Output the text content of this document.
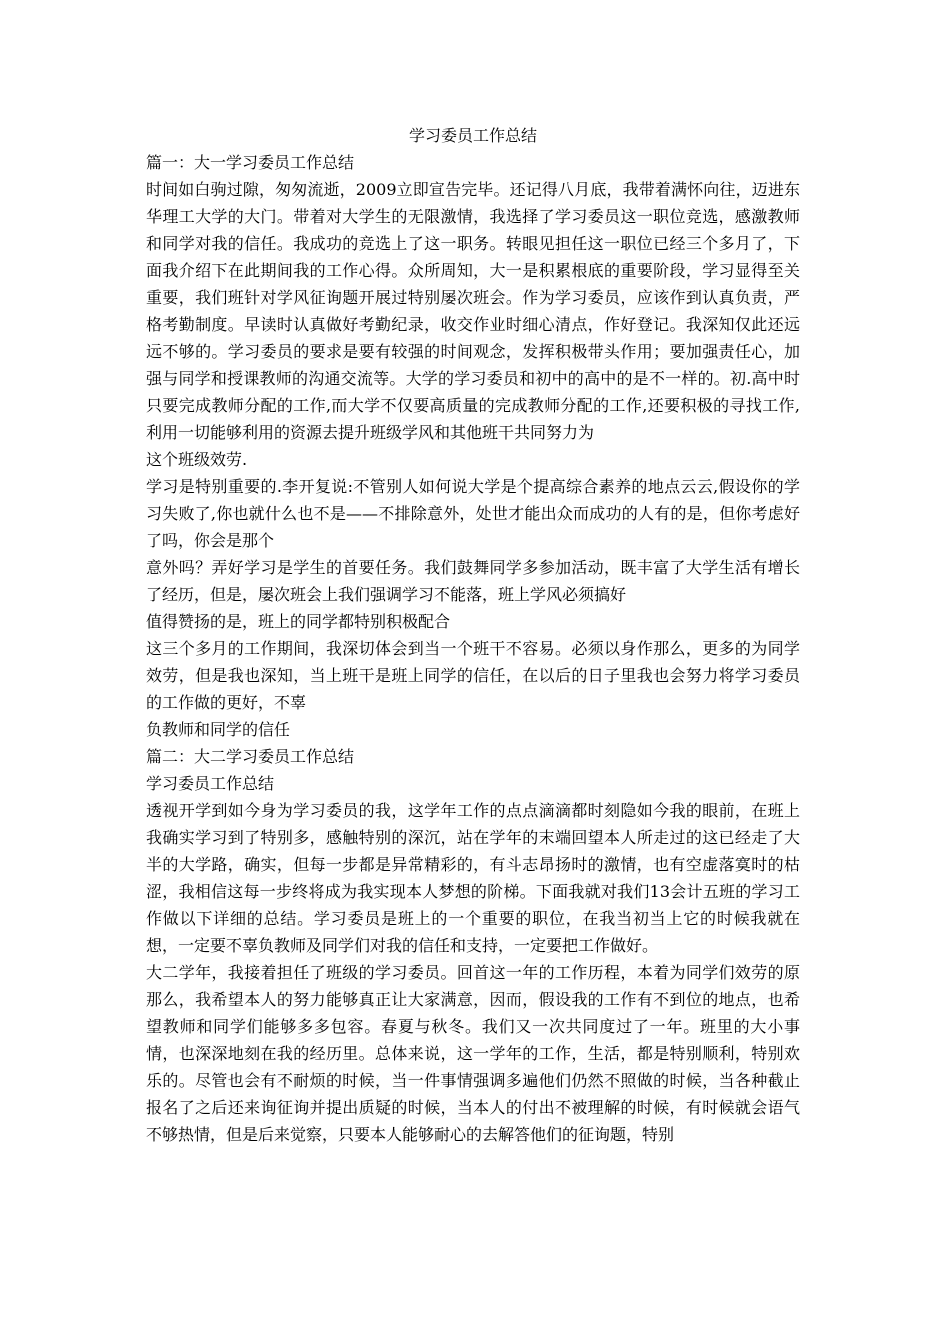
学习委员工作总结

篇一：大一学习委员工作总结

时间如白驹过隙，匆匆流逝，2009立即宣告完毕。还记得八月底，我带着满怀向往，迈进东华理工大学的大门。带着对大学生的无限激情，我选择了学习委员这一职位竞选，感激教师和同学对我的信任。我成功的竞选上了这一职务。转眼见担任这一职位已经三个多月了，下面我介绍下在此期间我的工作心得。众所周知，大一是积累根底的重要阶段，学习显得至关重要，我们班针对学风征询题开展过特别屡次班会。作为学习委员，应该作到认真负责，严格考勤制度。早读时认真做好考勤纪录，收交作业时细心清点，作好登记。我深知仅此还远远不够的。学习委员的要求是要有较强的时间观念，发挥积极带头作用；要加强责任心，加强与同学和授课教师的沟通交流等。大学的学习委员和初中的高中的是不一样的。初.高中时只要完成教师分配的工作,而大学不仅要高质量的完成教师分配的工作,还要积极的寻找工作,利用一切能够利用的资源去提升班级学风和其他班干共同努力为

这个班级效劳.

学习是特别重要的.李开复说:不管别人如何说大学是个提高综合素养的地点云云,假设你的学习失败了,你也就什么也不是——不排除意外，处世才能出众而成功的人有的是，但你考虑好了吗，你会是那个

意外吗？弄好学习是学生的首要任务。我们鼓舞同学多参加活动，既丰富了大学生活有增长了经历，但是，屡次班会上我们强调学习不能落，班上学风必须搞好

值得赞扬的是，班上的同学都特别积极配合

这三个多月的工作期间，我深切体会到当一个班干不容易。必须以身作那么，更多的为同学效劳，但是我也深知，当上班干是班上同学的信任，在以后的日子里我也会努力将学习委员的工作做的更好，不辜

负教师和同学的信任

篇二：大二学习委员工作总结

学习委员工作总结

透视开学到如今身为学习委员的我，这学年工作的点点滴滴都时刻隐如今我的眼前，在班上我确实学习到了特别多，感触特别的深沉，站在学年的末端回望本人所走过的这已经走了大半的大学路，确实，但每一步都是异常精彩的，有斗志昂扬时的激情，也有空虚落寞时的枯涩，我相信这每一步终将成为我实现本人梦想的阶梯。下面我就对我们13会计五班的学习工作做以下详细的总结。学习委员是班上的一个重要的职位，在我当初当上它的时候我就在想，一定要不辜负教师及同学们对我的信任和支持，一定要把工作做好。

大二学年，我接着担任了班级的学习委员。回首这一年的工作历程，本着为同学们效劳的原那么，我希望本人的努力能够真正让大家满意，因而，假设我的工作有不到位的地点，也希望教师和同学们能够多多包容。春夏与秋冬。我们又一次共同度过了一年。班里的大小事情，也深深地刻在我的经历里。总体来说，这一学年的工作，生活，都是特别顺利，特别欢乐的。尽管也会有不耐烦的时候，当一件事情强调多遍他们仍然不照做的时候，当各种截止报名了之后还来询征询并提出质疑的时候，当本人的付出不被理解的时候，有时候就会语气不够热情，但是后来觉察，只要本人能够耐心的去解答他们的征询题，特别
